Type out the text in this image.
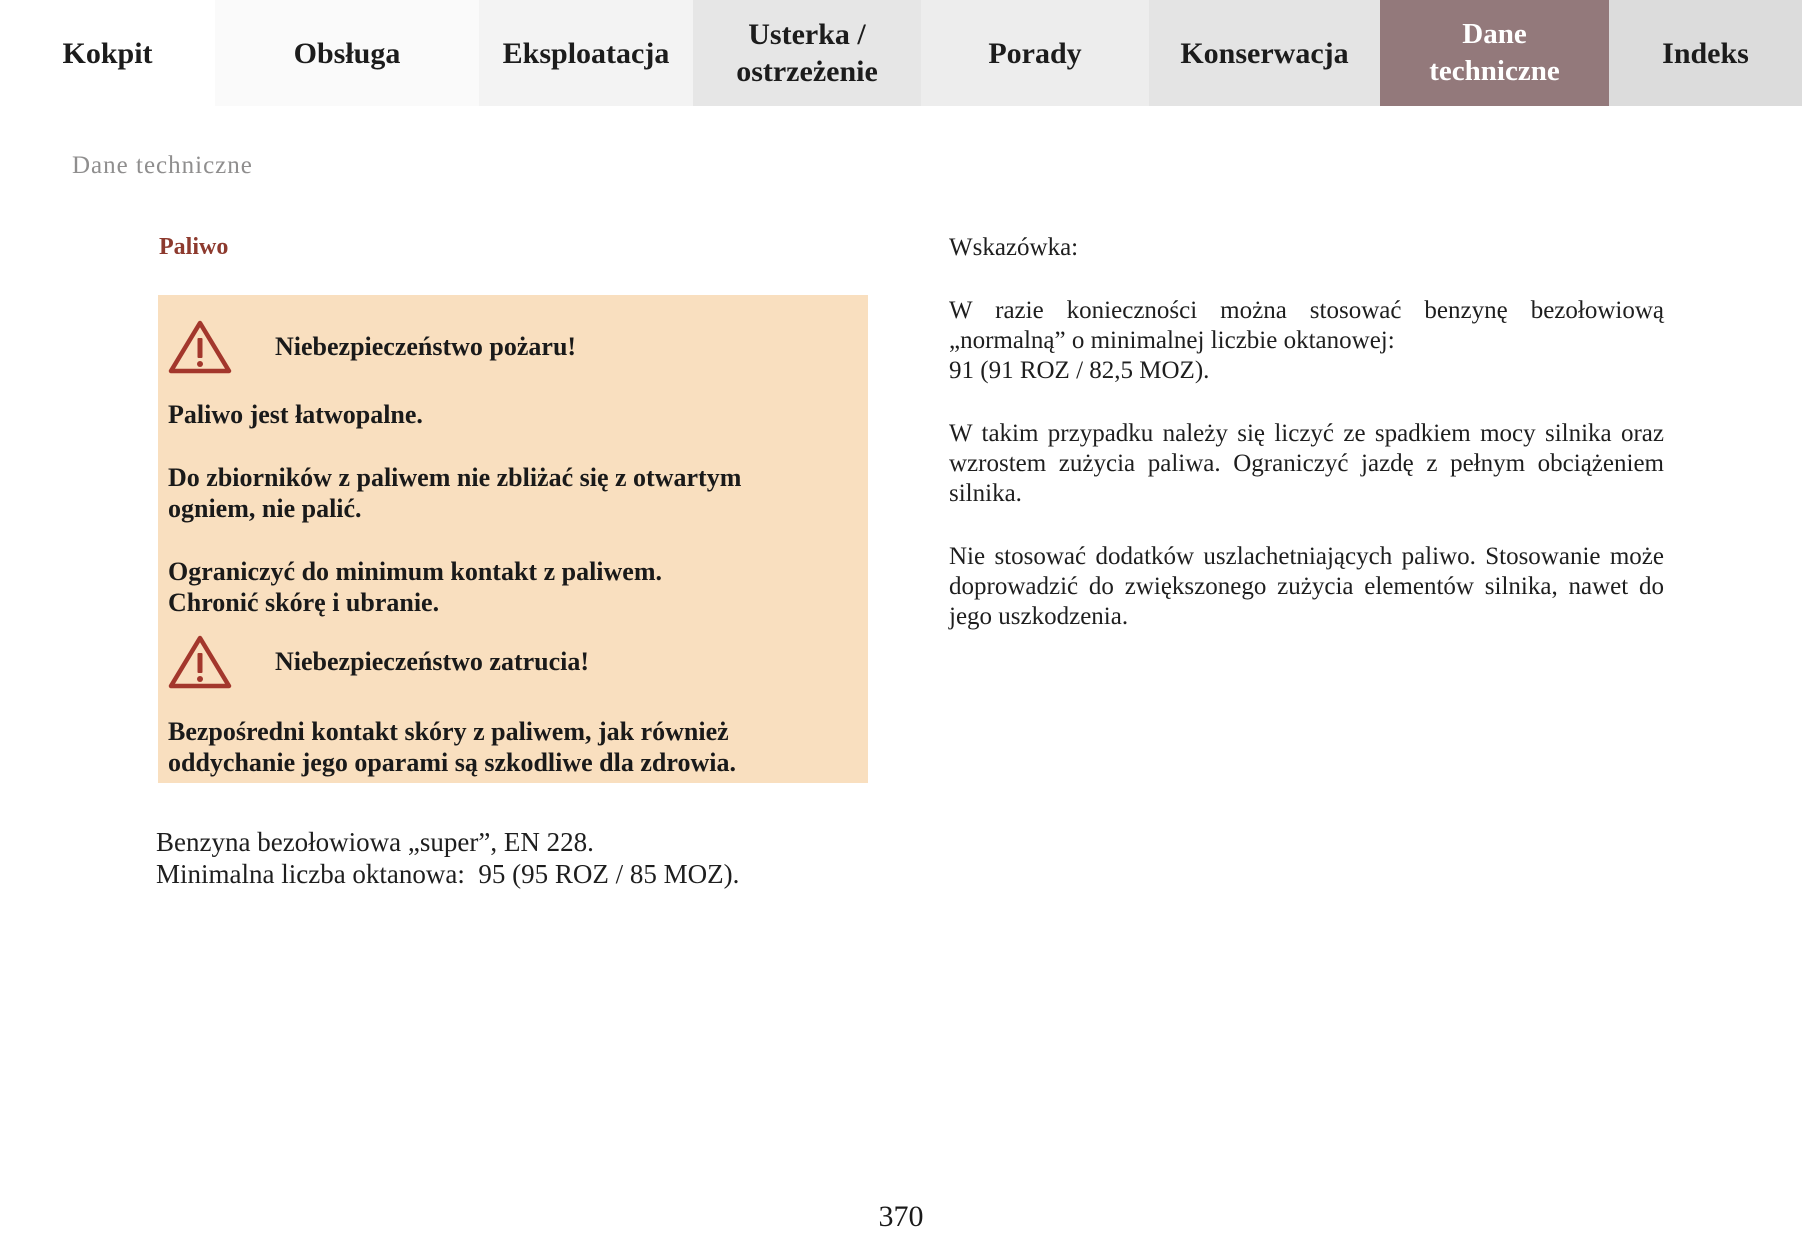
Kokpit	Obsługa	Eksploatacja
Usterka / ostrzeżenie
Porady	Konserwacja
Dane techniczne
Indeks
Dane techniczne
Paliwo
Niebezpieczeństwo pożaru!

Paliwo jest łatwopalne.

Do zbiorników z paliwem nie zbliżać się z otwartym ogniem, nie palić.

Ograniczyć do minimum kontakt z paliwem.
Chronić skórę i ubranie.

Niebezpieczeństwo zatrucia!

Bezpośredni kontakt skóry z paliwem, jak również oddychanie jego oparami są szkodliwe dla zdrowia.

Benzyna bezołowiowa „super”, EN 228.
Minimalna liczba oktanowa:  95 (95 ROZ / 85 MOZ).

Wskazówka:

W razie konieczności można stosować benzynę bezołowiową „normalną” o minimalnej liczbie oktanowej:
91 (91 ROZ / 82,5 MOZ).

W takim przypadku należy się liczyć ze spadkiem mocy silnika oraz wzrostem zużycia paliwa. Ograniczyć jazdę z pełnym obciążeniem silnika.

Nie stosować dodatków uszlachetniających paliwo. Stosowanie może doprowadzić do zwiększonego zużycia elementów silnika, nawet do jego uszkodzenia.

370
